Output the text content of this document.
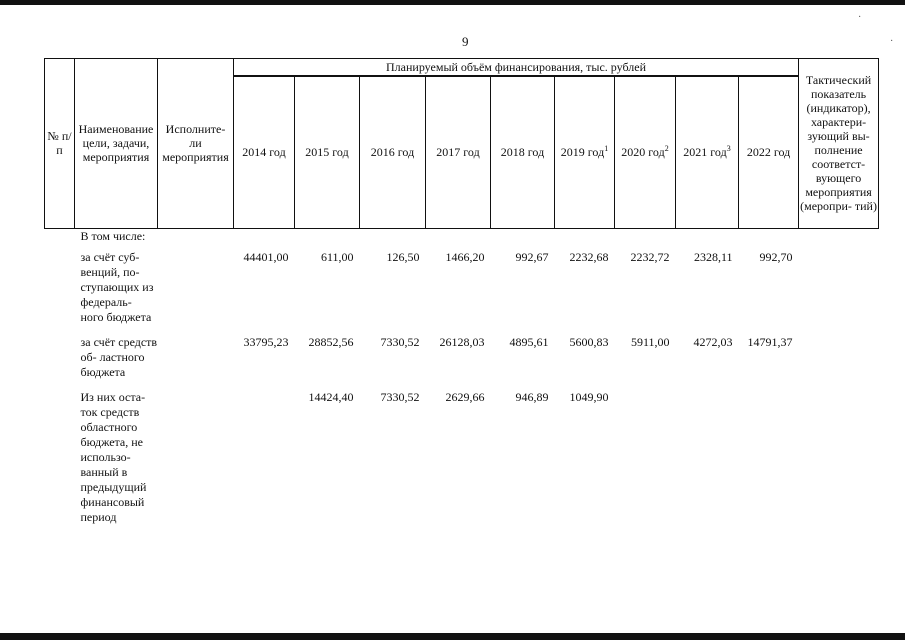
9
№ п/п	Наименование цели, задачи, мероприятия	Исполните- ли мероприятия	Планируемый объём финансирования, тыс. рублей									Тактический показатель (индикатор), характери- зующий вы- полнение соответст- вующего мероприятия (меропри- тий)
			2014 год	2015 год	2016 год	2017 год	2018 год	2019 год$^1$	2020 год$^2$	2021 год$^3$	2022 год	
	В том числе:											

	за счёт суб- венций, по- ступающих из федераль- ного бюджета		44401,00	611,00	126,50	1466,20	992,67	2232,68	2232,72	2328,11	992,70	

	за счёт средств об- ластного бюджета		33795,23	28852,56	7330,52	26128,03	4895,61	5600,83	5911,00	4272,03	14791,37	

	Из них оста- ток средств областного бюджета, не использо- ванный в предыдущий финансовый период			14424,40	7330,52	2629,66	946,89	1049,90				
·
·
